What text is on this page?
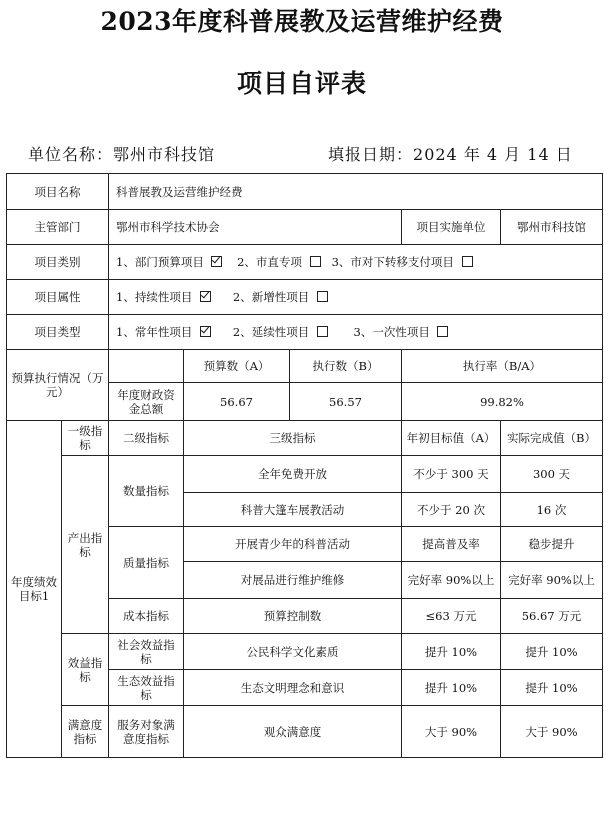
2023年度科普展教及运营维护经费
项目自评表
单位名称：鄂州市科技馆	填报日期：2024 年 4 月 14 日
项目名称		科普展教及运营维护经费				
主管部门		鄂州市科学技术协会			项目实施单位	鄂州市科技馆
项目类别		1、部门预算项目 2、市直专项 3、市对下转移支付项目				
项目属性		1、持续性项目 2、新增性项目				
项目类型		1、常年性项目 2、延续性项目 3、一次性项目				
预算执行情况（万元）			预算数（A）	执行数（B）	执行率（B/A）	
		年度财政资金总额	56.67	56.57	99.82%	
年度绩效目标1	一级指标	二级指标	三级指标		年初目标值（A）	实际完成值（B）
	产出指标	数量指标	全年免费开放		不少于 300 天	300 天
			科普大篷车展教活动		不少于 20 次	16 次
		质量指标	开展青少年的科普活动		提高普及率	稳步提升
			对展品进行维护维修		完好率 90%以上	完好率 90%以上
		成本指标	预算控制数		≤63 万元	56.67 万元
	效益指标	社会效益指标	公民科学文化素质		提升 10%	提升 10%
		生态效益指标	生态文明理念和意识		提升 10%	提升 10%
	满意度指标	服务对象满意度指标	观众满意度		大于 90%	大于 90%
